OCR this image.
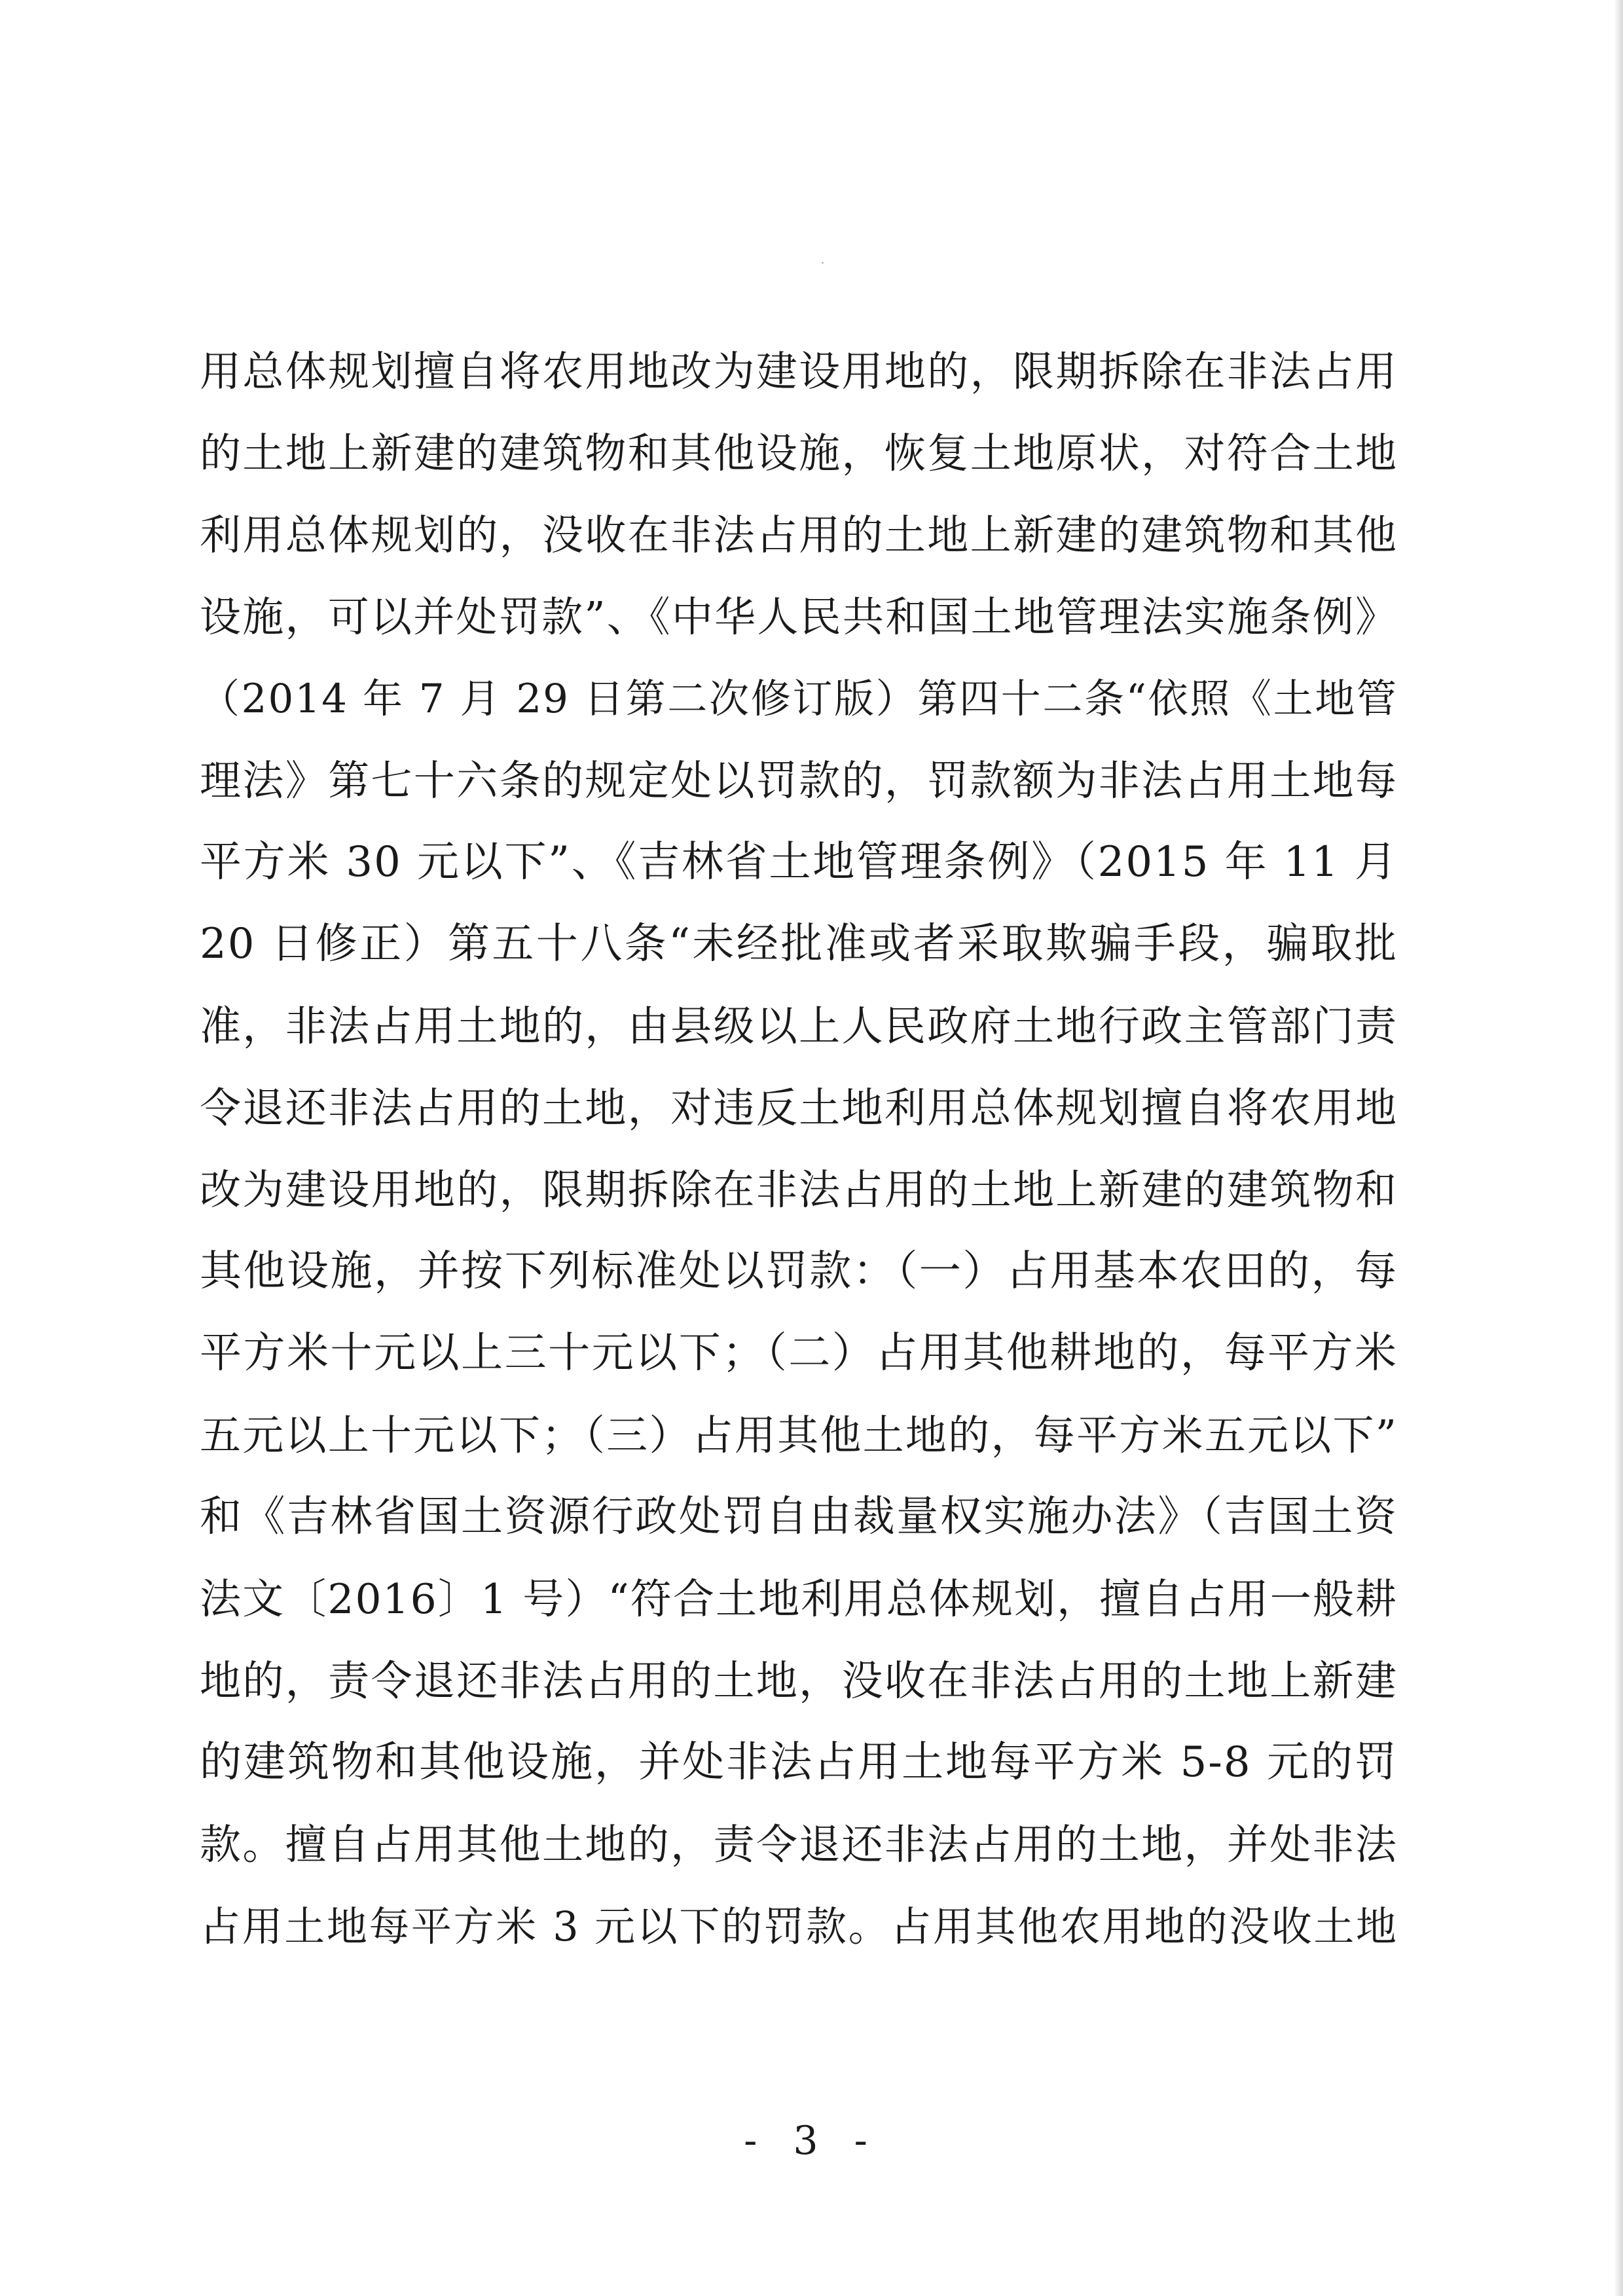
用总体规划擅自将农用地改为建设用地的，限期拆除在非法占用
的土地上新建的建筑物和其他设施，恢复土地原状，对符合土地
利用总体规划的，没收在非法占用的土地上新建的建筑物和其他
设施，可以并处罚款”、《中华人民共和国土地管理法实施条例》
（2014 年 7 月 29 日第二次修订版）第四十二条“依照《土地管
理法》第七十六条的规定处以罚款的，罚款额为非法占用土地每
平方米 30 元以下”、《吉林省土地管理条例》（2015 年 11 月
20 日修正）第五十八条“未经批准或者采取欺骗手段，骗取批
准，非法占用土地的，由县级以上人民政府土地行政主管部门责
令退还非法占用的土地，对违反土地利用总体规划擅自将农用地
改为建设用地的，限期拆除在非法占用的土地上新建的建筑物和
其他设施，并按下列标准处以罚款：（一）占用基本农田的，每
平方米十元以上三十元以下；（二）占用其他耕地的，每平方米
五元以上十元以下；（三）占用其他土地的，每平方米五元以下”
和《吉林省国土资源行政处罚自由裁量权实施办法》（吉国土资
法文〔2016〕1 号）“符合土地利用总体规划，擅自占用一般耕
地的，责令退还非法占用的土地，没收在非法占用的土地上新建
的建筑物和其他设施，并处非法占用土地每平方米 5-8 元的罚
款。擅自占用其他土地的，责令退还非法占用的土地，并处非法
占用土地每平方米 3 元以下的罚款。占用其他农用地的没收土地
- 3 -
